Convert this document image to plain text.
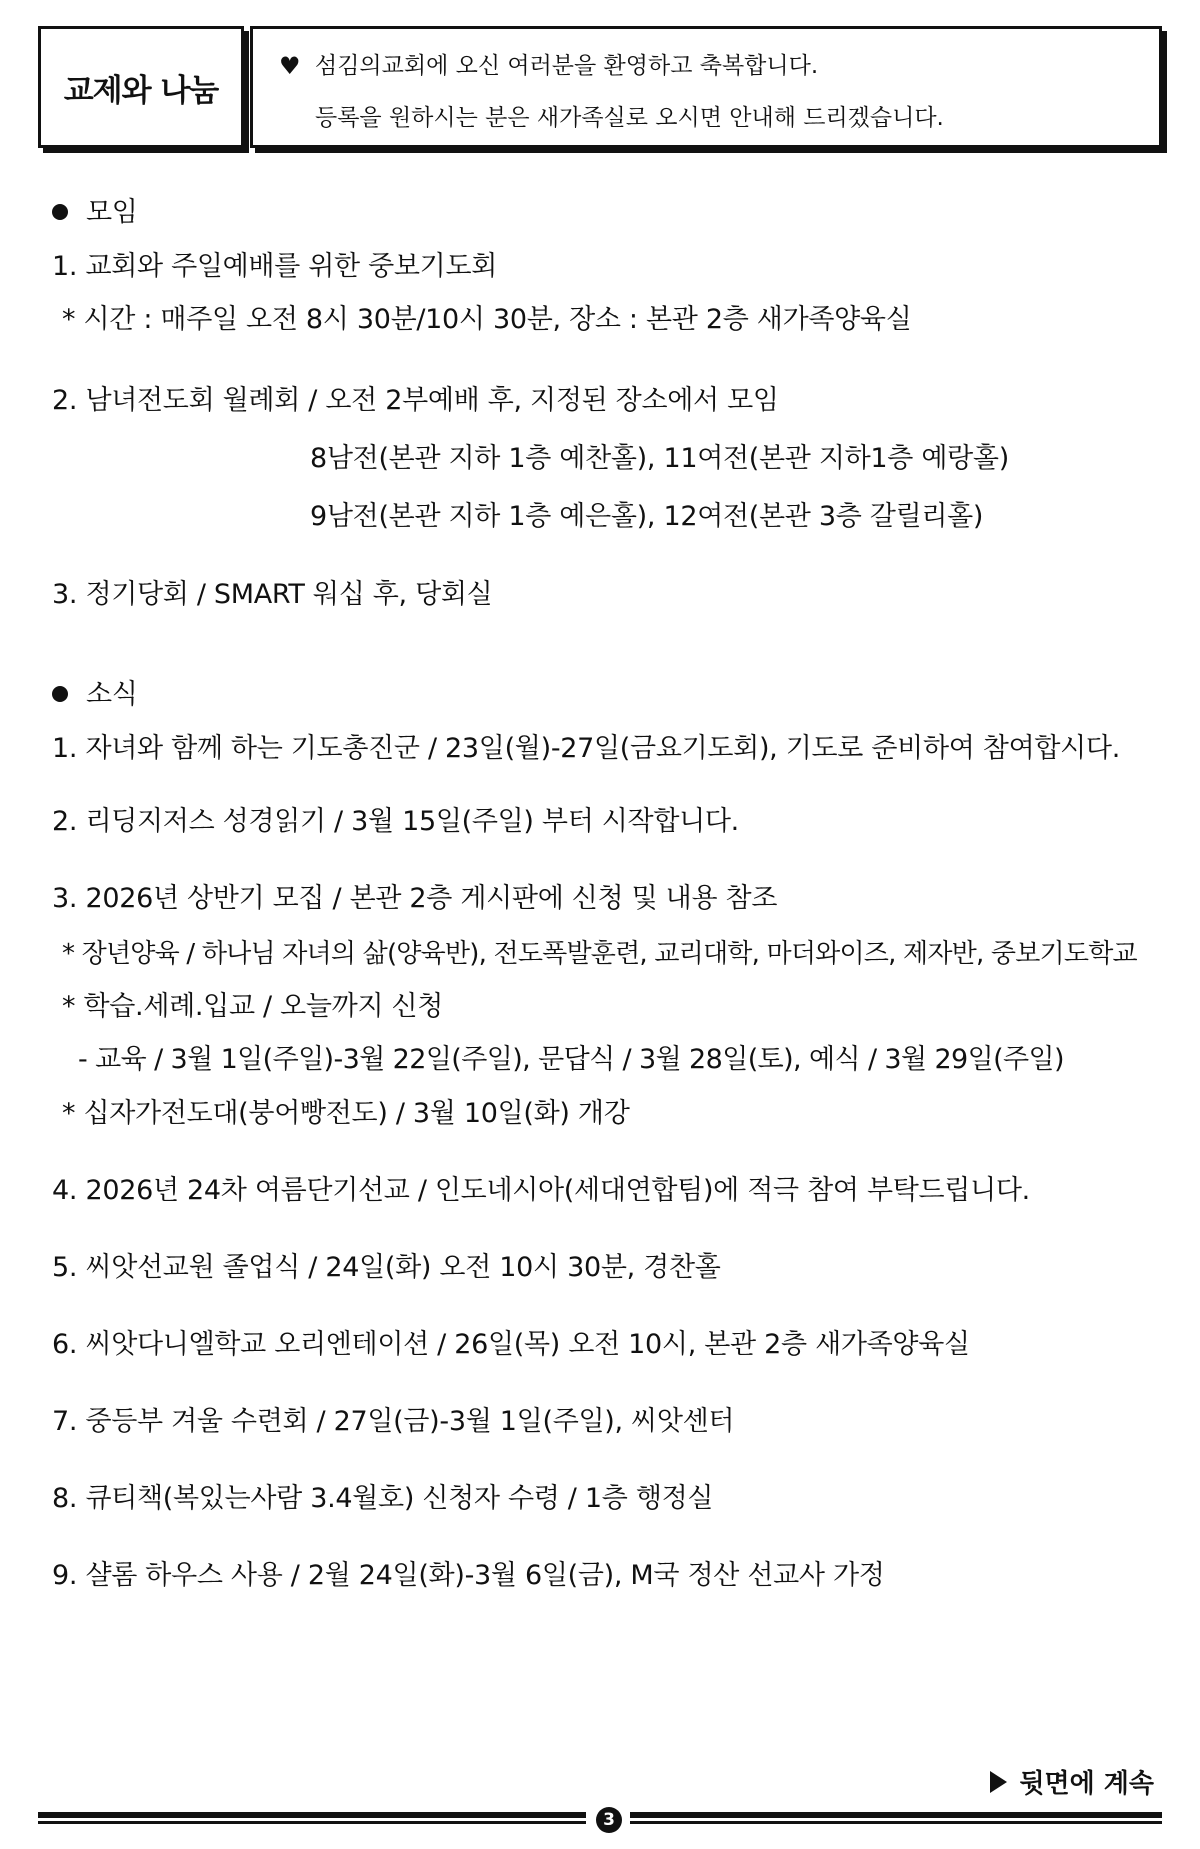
교제와 나눔
♥ 섬김의교회에 오신 여러분을 환영하고 축복합니다.
등록을 원하시는 분은 새가족실로 오시면 안내해 드리겠습니다.
모임
1. 교회와 주일예배를 위한 중보기도회
* 시간 : 매주일 오전 8시 30분/10시 30분, 장소 : 본관 2층 새가족양육실
2. 남녀전도회 월례회 / 오전 2부예배 후, 지정된 장소에서 모임
8남전(본관 지하 1층 예찬홀), 11여전(본관 지하1층 예랑홀)
9남전(본관 지하 1층 예은홀), 12여전(본관 3층 갈릴리홀)
3. 정기당회 / SMART 워십 후, 당회실
소식
1. 자녀와 함께 하는 기도총진군 / 23일(월)-27일(금요기도회), 기도로 준비하여 참여합시다.
2. 리딩지저스 성경읽기 / 3월 15일(주일) 부터 시작합니다.
3. 2026년 상반기 모집 / 본관 2층 게시판에 신청 및 내용 참조
* 장년양육 / 하나님 자녀의 삶(양육반), 전도폭발훈련, 교리대학, 마더와이즈, 제자반, 중보기도학교
* 학습.세례.입교 / 오늘까지 신청
- 교육 / 3월 1일(주일)-3월 22일(주일), 문답식 / 3월 28일(토), 예식 / 3월 29일(주일)
* 십자가전도대(붕어빵전도) / 3월 10일(화) 개강
4. 2026년 24차 여름단기선교 / 인도네시아(세대연합팀)에 적극 참여 부탁드립니다.
5. 씨앗선교원 졸업식 / 24일(화) 오전 10시 30분, 경찬홀
6. 씨앗다니엘학교 오리엔테이션 / 26일(목) 오전 10시, 본관 2층 새가족양육실
7. 중등부 겨울 수련회 / 27일(금)-3월 1일(주일), 씨앗센터
8. 큐티책(복있는사람 3.4월호) 신청자 수령 / 1층 행정실
9. 샬롬 하우스 사용 / 2월 24일(화)-3월 6일(금), M국 정산 선교사 가정
뒷면에 계속
3
